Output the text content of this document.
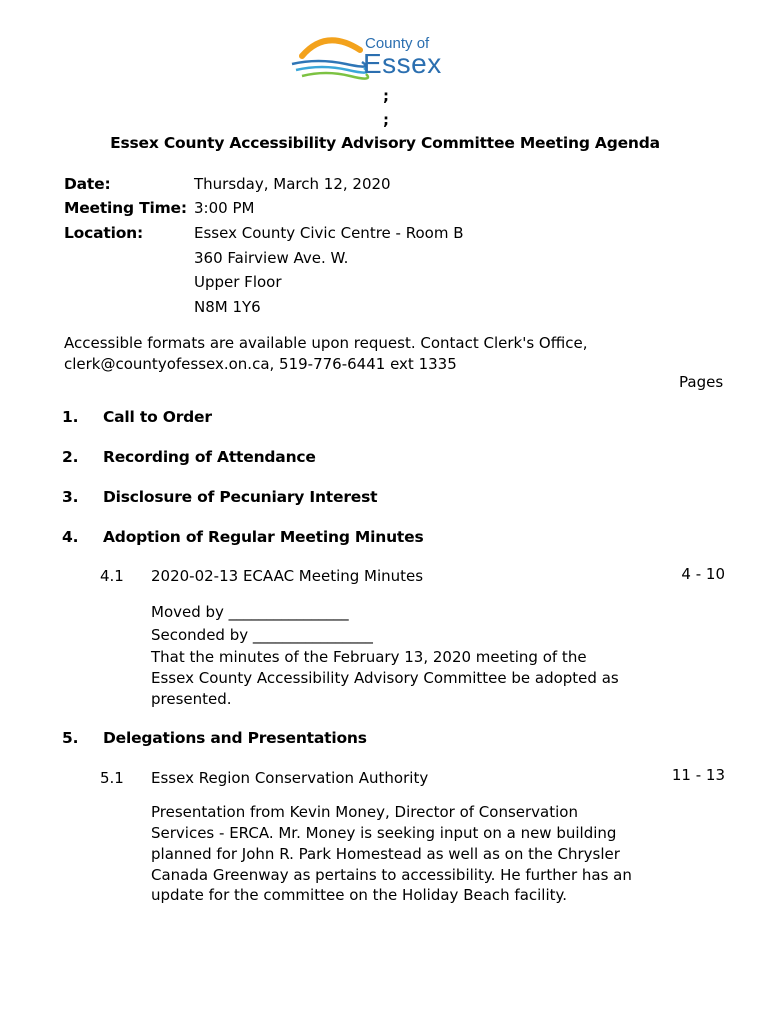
County of
Essex
;
;
Essex County Accessibility Advisory Committee Meeting Agenda
Date:	Thursday, March 12, 2020
Meeting Time: 3:00 PM
Location:	Essex County Civic Centre - Room B
360 Fairview Ave. W.
Upper Floor
N8M 1Y6
Accessible formats are available upon request. Contact Clerk's Office,
clerk@countyofessex.on.ca, 519-776-6441 ext 1335
Pages
1. Call to Order
2. Recording of Attendance
3. Disclosure of Pecuniary Interest
4. Adoption of Regular Meeting Minutes
4.1 2020-02-13 ECAAC Meeting Minutes	4 - 10
Moved by ________________
Seconded by ________________
That the minutes of the February 13, 2020 meeting of the
Essex County Accessibility Advisory Committee be adopted as
presented.
5. Delegations and Presentations
5.1 Essex Region Conservation Authority	11 - 13
Presentation from Kevin Money, Director of Conservation
Services - ERCA. Mr. Money is seeking input on a new building
planned for John R. Park Homestead as well as on the Chrysler
Canada Greenway as pertains to accessibility. He further has an
update for the committee on the Holiday Beach facility.
